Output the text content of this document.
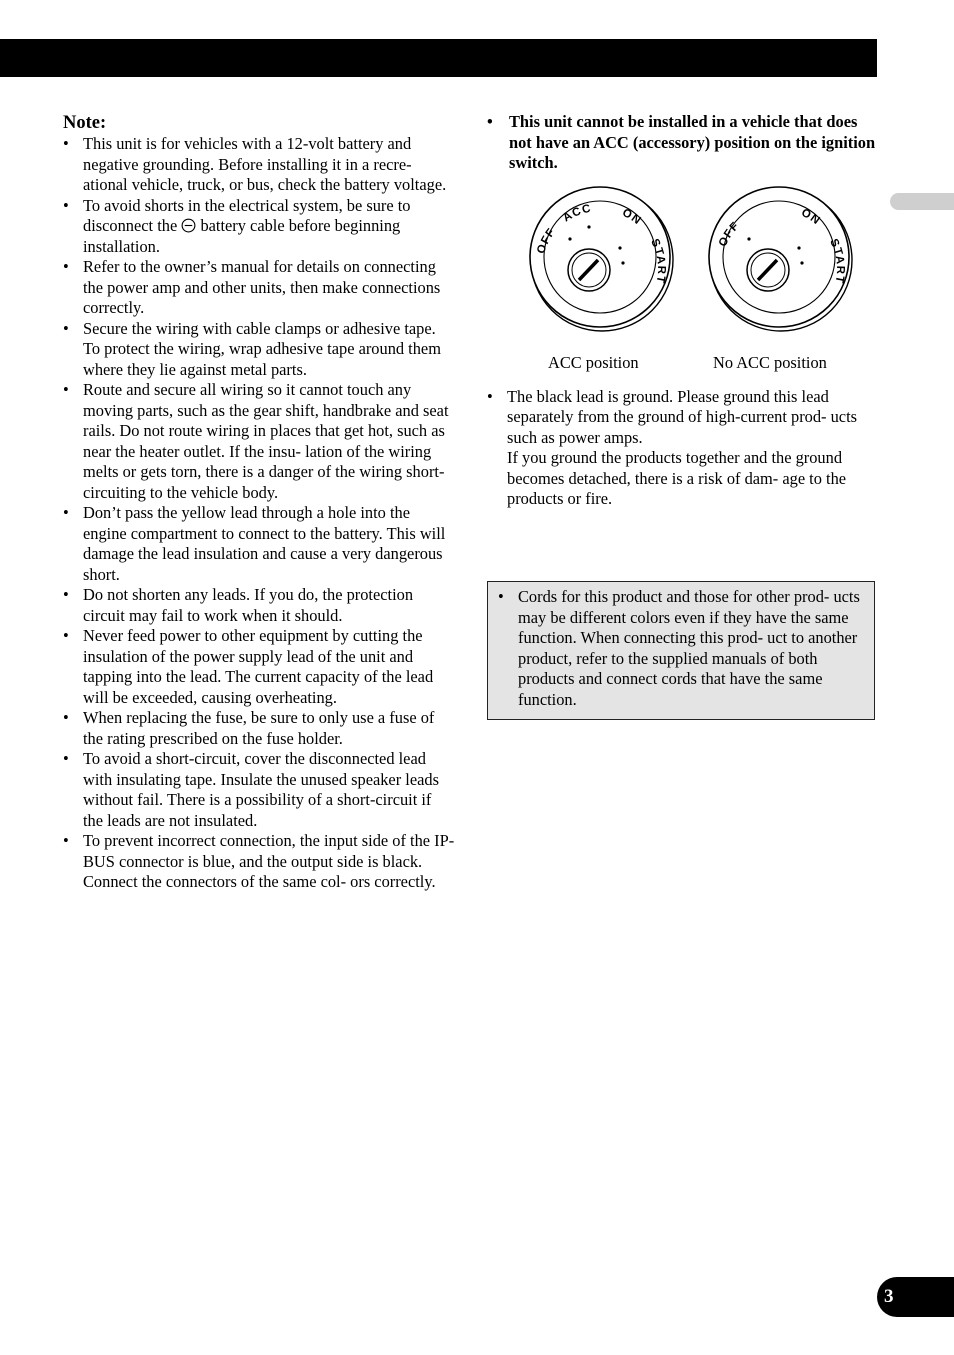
3
Note:
• This unit is for vehicles with a 12-volt battery and negative grounding. Before installing it in a recre- ational vehicle, truck, or bus, check the battery voltage.
• To avoid shorts in the electrical system, be sure to disconnect the battery cable before beginning installation.
• Refer to the owner’s manual for details on connecting the power amp and other units, then make connections correctly.
• Secure the wiring with cable clamps or adhesive tape. To protect the wiring, wrap adhesive tape around them where they lie against metal parts.
• Route and secure all wiring so it cannot touch any moving parts, such as the gear shift, handbrake and seat rails. Do not route wiring in places that get hot, such as near the heater outlet. If the insu- lation of the wiring melts or gets torn, there is a danger of the wiring short-circuiting to the vehicle body.
• Don’t pass the yellow lead through a hole into the engine compartment to connect to the battery. This will damage the lead insulation and cause a very dangerous short.
• Do not shorten any leads. If you do, the protection circuit may fail to work when it should.
• Never feed power to other equipment by cutting the insulation of the power supply lead of the unit and tapping into the lead. The current capacity of the lead will be exceeded, causing overheating.
• When replacing the fuse, be sure to only use a fuse of the rating prescribed on the fuse holder.
• To avoid a short-circuit, cover the disconnected lead with insulating tape. Insulate the unused speaker leads without fail. There is a possibility of a short-circuit if the leads are not insulated.
• To prevent incorrect connection, the input side of the IP-BUS connector is blue, and the output side is black. Connect the connectors of the same col- ors correctly.
• This unit cannot be installed in a vehicle that does not have an ACC (accessory) position on the ignition switch.
OFF
ACC ON
START
OFF
ON
START
ACC position	No ACC position
• The black lead is ground. Please ground this lead separately from the ground of high-current prod- ucts such as power amps.
If you ground the products together and the ground becomes detached, there is a risk of dam- age to the products or fire.
• Cords for this product and those for other prod- ucts may be different colors even if they have the same function. When connecting this prod- uct to another product, refer to the supplied manuals of both products and connect cords that have the same function.
